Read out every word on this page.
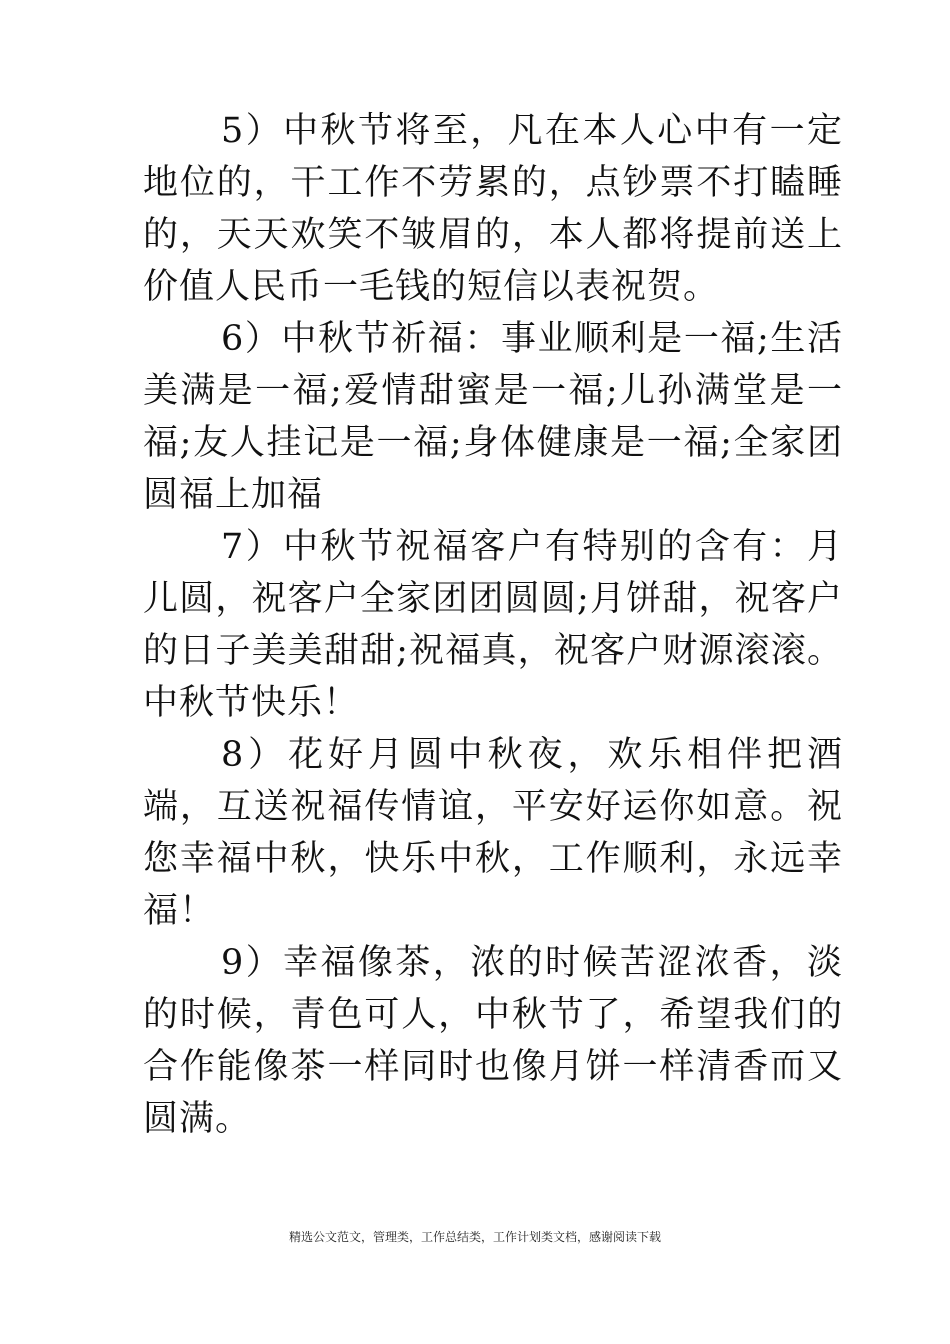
5）中秋节将至，凡在本人心中有一定地位的，干工作不劳累的，点钞票不打瞌睡的，天天欢笑不皱眉的，本人都将提前送上价值人民币一毛钱的短信以表祝贺。

6）中秋节祈福：事业顺利是一福;生活美满是一福;爱情甜蜜是一福;儿孙满堂是一福;友人挂记是一福;身体健康是一福;全家团圆福上加福

7）中秋节祝福客户有特别的含有：月儿圆，祝客户全家团团圆圆;月饼甜，祝客户的日子美美甜甜;祝福真，祝客户财源滚滚。中秋节快乐！

8）花好月圆中秋夜，欢乐相伴把酒端，互送祝福传情谊，平安好运你如意。祝您幸福中秋，快乐中秋，工作顺利，永远幸福！

9）幸福像茶，浓的时候苦涩浓香，淡的时候，青色可人，中秋节了，希望我们的合作能像茶一样同时也像月饼一样清香而又圆满。

精选公文范文，管理类，工作总结类，工作计划类文档，感谢阅读下载
